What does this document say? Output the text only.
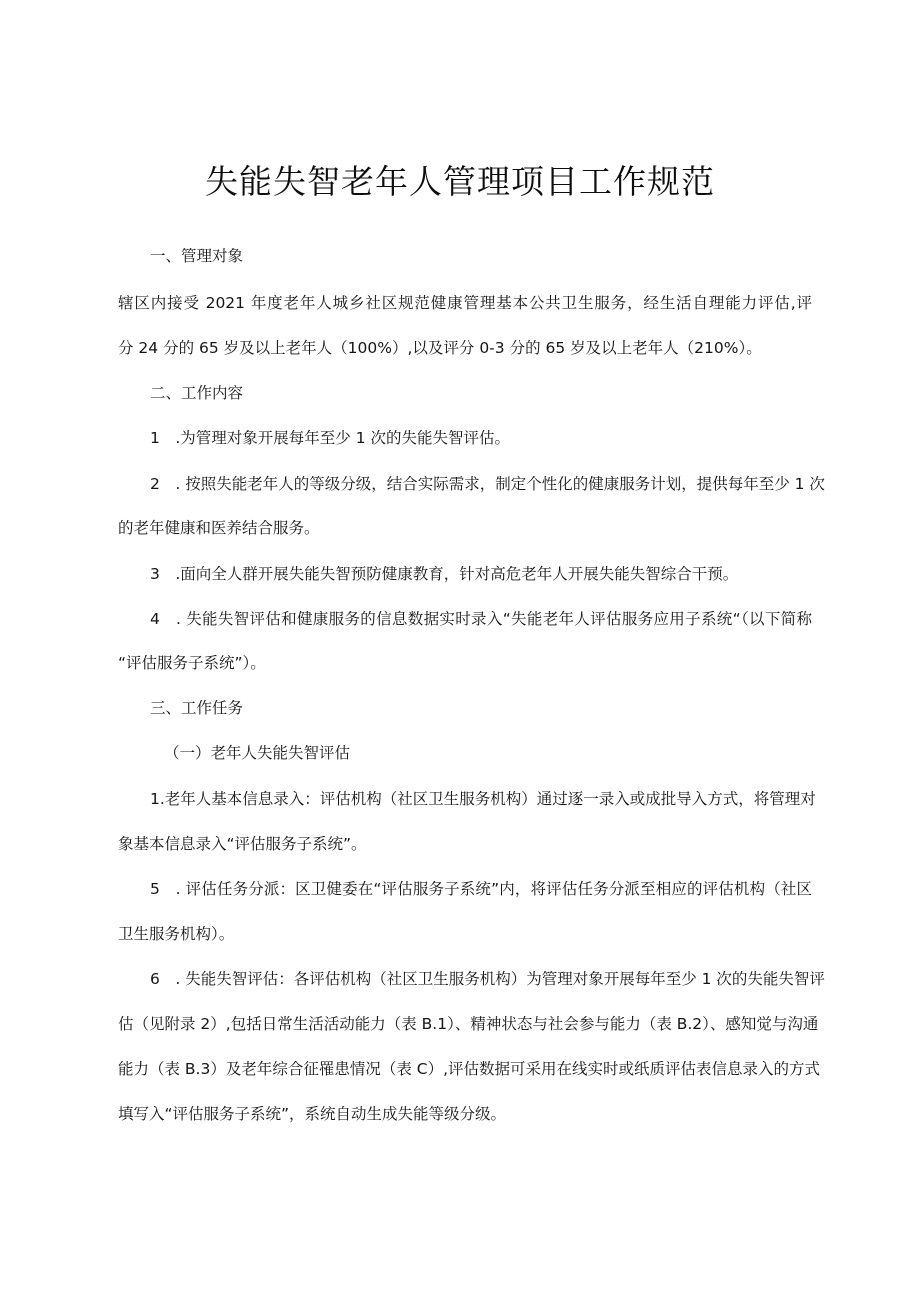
失能失智老年人管理项目工作规范
一、管理对象
辖区内接受 2021 年度老年人城乡社区规范健康管理基本公共卫生服务，经生活自理能力评估,评
分 24 分的 65 岁及以上老年人（100%）,以及评分 0-3 分的 65 岁及以上老年人（210%）。
二、工作内容
1　.为管理对象开展每年至少 1 次的失能失智评估。
2　. 按照失能老年人的等级分级，结合实际需求，制定个性化的健康服务计划，提供每年至少 1 次
的老年健康和医养结合服务。
3　.面向全人群开展失能失智预防健康教育，针对高危老年人开展失能失智综合干预。
4　. 失能失智评估和健康服务的信息数据实时录入“失能老年人评估服务应用子系统“（以下简称
“评估服务子系统”）。
三、工作任务
（一）老年人失能失智评估
1.老年人基本信息录入：评估机构（社区卫生服务机构）通过逐一录入或成批导入方式，将管理对
象基本信息录入“评估服务子系统”。
5　. 评估任务分派：区卫健委在“评估服务子系统”内，将评估任务分派至相应的评估机构（社区
卫生服务机构）。
6　. 失能失智评估：各评估机构（社区卫生服务机构）为管理对象开展每年至少 1 次的失能失智评
估（见附录 2）,包括日常生活活动能力（表 B.1）、精神状态与社会参与能力（表 B.2）、感知觉与沟通
能力（表 B.3）及老年综合征罹患情况（表 C）,评估数据可采用在线实时或纸质评估表信息录入的方式
填写入“评估服务子系统”，系统自动生成失能等级分级。
